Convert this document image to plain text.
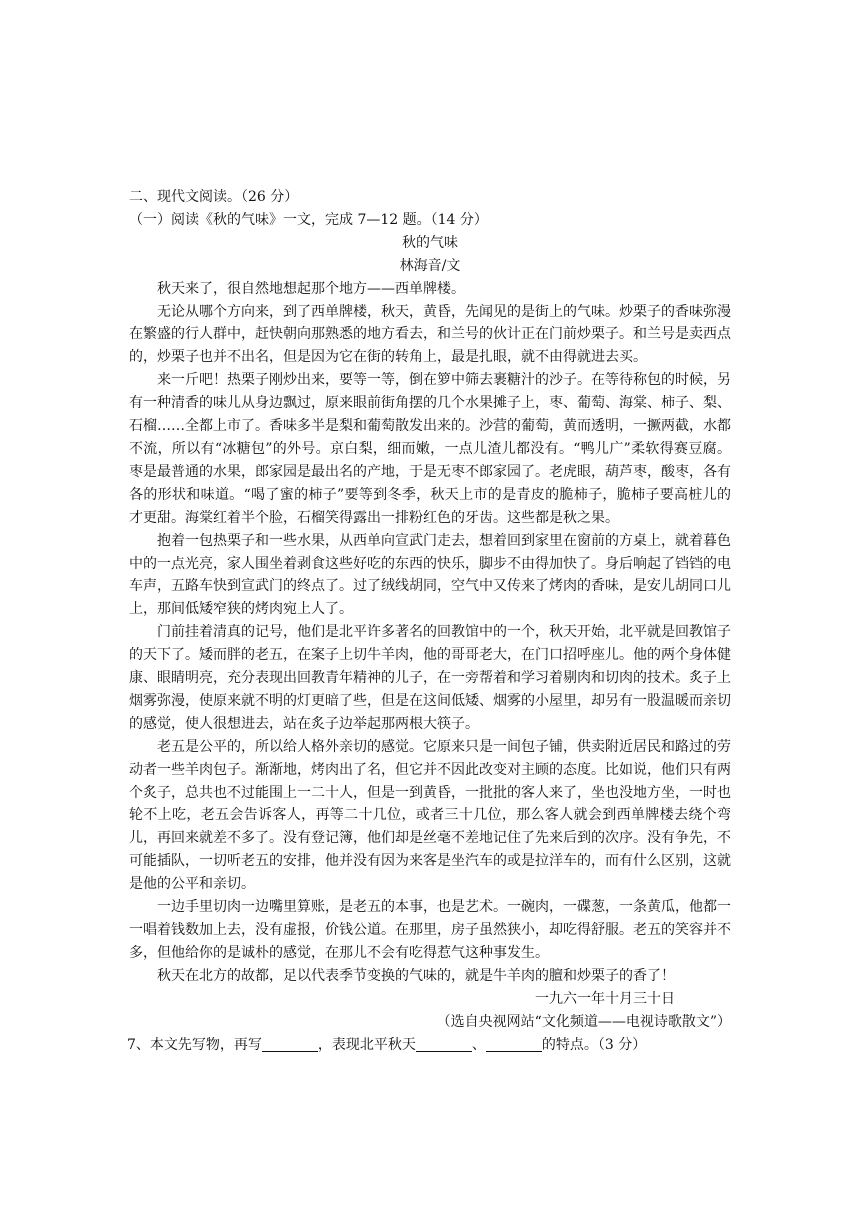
二、现代文阅读。（26 分）

（一）阅读《秋的气味》一文，完成 7—12 题。（14 分）

秋的气味

林海音/文

秋天来了，很自然地想起那个地方——西单牌楼。

无论从哪个方向来，到了西单牌楼，秋天，黄昏，先闻见的是街上的气味。炒栗子的香味弥漫在繁盛的行人群中，赶快朝向那熟悉的地方看去，和兰号的伙计正在门前炒栗子。和兰号是卖西点的，炒栗子也并不出名，但是因为它在街的转角上，最是扎眼，就不由得就进去买。

来一斤吧！热栗子刚炒出来，要等一等，倒在箩中筛去裹糖汁的沙子。在等待称包的时候，另有一种清香的味儿从身边飘过，原来眼前街角摆的几个水果摊子上，枣、葡萄、海棠、柿子、梨、石榴……全都上市了。香味多半是梨和葡萄散发出来的。沙营的葡萄，黄而透明，一撅两截，水都不流，所以有“冰糖包”的外号。京白梨，细而嫩，一点儿渣儿都没有。“鸭儿广”柔软得赛豆腐。枣是最普通的水果，郎家园是最出名的产地，于是无枣不郎家园了。老虎眼，葫芦枣，酸枣，各有各的形状和味道。“喝了蜜的柿子”要等到冬季，秋天上市的是青皮的脆柿子，脆柿子要高桩儿的才更甜。海棠红着半个脸，石榴笑得露出一排粉红色的牙齿。这些都是秋之果。

抱着一包热栗子和一些水果，从西单向宣武门走去，想着回到家里在窗前的方桌上，就着暮色中的一点光亮，家人围坐着剥食这些好吃的东西的快乐，脚步不由得加快了。身后响起了铛铛的电车声，五路车快到宣武门的终点了。过了绒线胡同，空气中又传来了烤肉的香味，是安儿胡同口儿上，那间低矮窄狭的烤肉宛上人了。

门前挂着清真的记号，他们是北平许多著名的回教馆中的一个，秋天开始，北平就是回教馆子的天下了。矮而胖的老五，在案子上切牛羊肉，他的哥哥老大，在门口招呼座儿。他的两个身体健康、眼睛明亮，充分表现出回教青年精神的儿子，在一旁帮着和学习着剔肉和切肉的技术。炙子上烟雾弥漫，使原来就不明的灯更暗了些，但是在这间低矮、烟雾的小屋里，却另有一股温暖而亲切的感觉，使人很想进去，站在炙子边举起那两根大筷子。

老五是公平的，所以给人格外亲切的感觉。它原来只是一间包子铺，供卖附近居民和路过的劳动者一些羊肉包子。渐渐地，烤肉出了名，但它并不因此改变对主顾的态度。比如说，他们只有两个炙子，总共也不过能围上一二十人，但是一到黄昏，一批批的客人来了，坐也没地方坐，一时也轮不上吃，老五会告诉客人，再等二十几位，或者三十几位，那么客人就会到西单牌楼去绕个弯儿，再回来就差不多了。没有登记簿，他们却是丝毫不差地记住了先来后到的次序。没有争先，不可能插队，一切听老五的安排，他并没有因为来客是坐汽车的或是拉洋车的，而有什么区别，这就是他的公平和亲切。

一边手里切肉一边嘴里算账，是老五的本事，也是艺术。一碗肉，一碟葱，一条黄瓜，他都一一唱着钱数加上去，没有虚报，价钱公道。在那里，房子虽然狭小，却吃得舒服。老五的笑容并不多，但他给你的是诚朴的感觉，在那儿不会有吃得惹气这种事发生。

秋天在北方的故都，足以代表季节变换的气味的，就是牛羊肉的膻和炒栗子的香了！

一九六一年十月三十日

（选自央视网站“文化频道——电视诗歌散文”）

7、本文先写物，再写	，表现北平秋天	、	的特点。（3 分）
